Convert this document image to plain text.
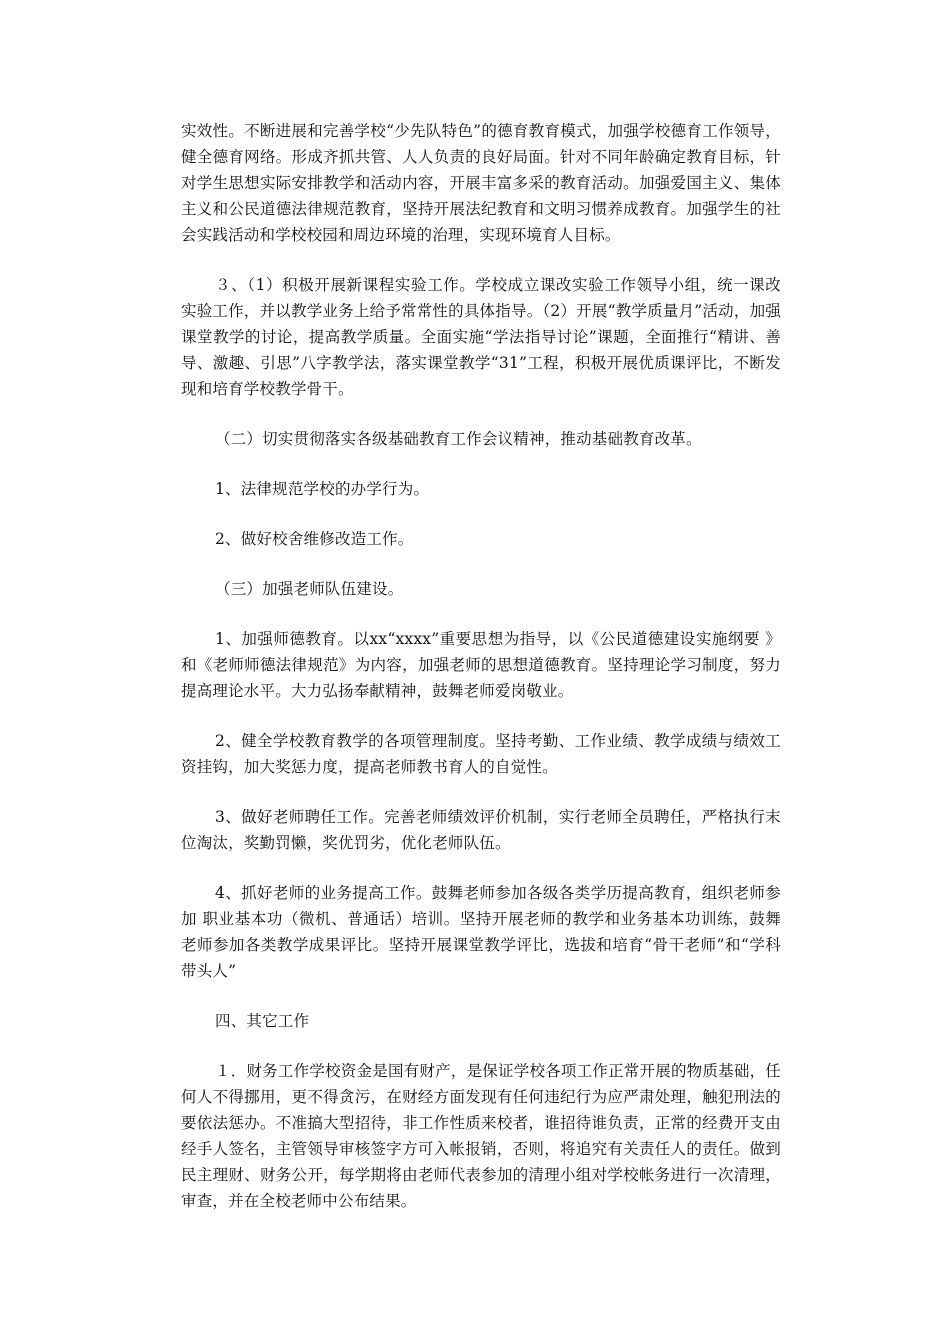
实效性。不断进展和完善学校“少先队特色”的德育教育模式，加强学校德育工作领导，健全德育网络。形成齐抓共管、人人负责的良好局面。针对不同年龄确定教育目标，针对学生思想实际安排教学和活动内容，开展丰富多采的教育活动。加强爱国主义、集体主义和公民道德法律规范教育，坚持开展法纪教育和文明习惯养成教育。加强学生的社会实践活动和学校校园和周边环境的治理，实现环境育人目标。

３、（1）积极开展新课程实验工作。学校成立课改实验工作领导小组，统一课改实验工作，并以教学业务上给予常常性的具体指导。（2）开展“教学质量月”活动，加强课堂教学的讨论，提高教学质量。全面实施“学法指导讨论”课题，全面推行“精讲、善导、激趣、引思”八字教学法，落实课堂教学“31”工程，积极开展优质课评比，不断发现和培育学校教学骨干。

（二）切实贯彻落实各级基础教育工作会议精神，推动基础教育改革。

1、法律规范学校的办学行为。

2、做好校舍维修改造工作。

（三）加强老师队伍建设。

1、加强师德教育。以xx“xxxx”重要思想为指导，以《公民道德建设实施纲要 》和《老师师德法律规范》为内容，加强老师的思想道德教育。坚持理论学习制度，努力提高理论水平。大力弘扬奉献精神，鼓舞老师爱岗敬业。

2、健全学校教育教学的各项管理制度。坚持考勤、工作业绩、教学成绩与绩效工资挂钩，加大奖惩力度，提高老师教书育人的自觉性。

3、做好老师聘任工作。完善老师绩效评价机制，实行老师全员聘任，严格执行末位淘汰，奖勤罚懒，奖优罚劣，优化老师队伍。

4、抓好老师的业务提高工作。鼓舞老师参加各级各类学历提高教育，组织老师参加 职业基本功（微机、普通话）培训。坚持开展老师的教学和业务基本功训练，鼓舞老师参加各类教学成果评比。坚持开展课堂教学评比，选拔和培育“骨干老师”和“学科带头人”

四、其它工作

１．财务工作学校资金是国有财产，是保证学校各项工作正常开展的物质基础，任何人不得挪用，更不得贪污，在财经方面发现有任何违纪行为应严肃处理，触犯刑法的要依法惩办。不准搞大型招待，非工作性质来校者，谁招待谁负责，正常的经费开支由经手人签名，主管领导审核签字方可入帐报销，否则，将追究有关责任人的责任。做到民主理财、财务公开，每学期将由老师代表参加的清理小组对学校帐务进行一次清理，审查，并在全校老师中公布结果。
